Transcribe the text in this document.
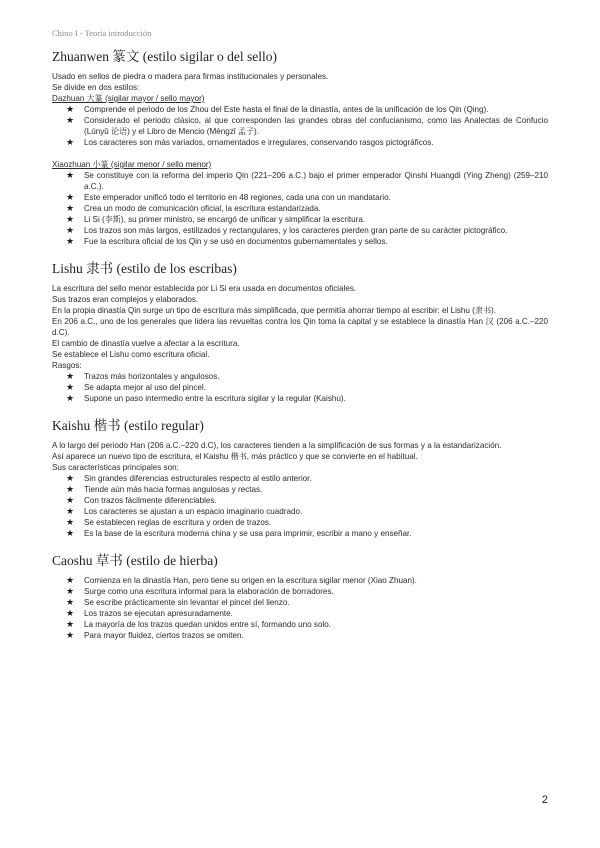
Chino I - Teoría introducción
Zhuanwen 篆文 (estilo sigilar o del sello)

Usado en sellos de piedra o madera para firmas institucionales y personales.

Se divide en dos estilos:

Dazhuan 大篆 (sigilar mayor / sello mayor)

★ Comprende el periodo de los Zhou del Este hasta el final de la dinastía, antes de la unificación de los Qin (Qing).
★ Considerado el periodo clásico, al que corresponden las grandes obras del confucianismo, como las Analectas de Confucio (Lúnyǔ 论语) y el Libro de Mencio (Mèngzǐ 孟子).
★ Los caracteres son más variados, ornamentados e irregulares, conservando rasgos pictográficos.

Xiaozhuan 小篆 (sigilar menor / sello menor)

★ Se constituye con la reforma del imperio Qin (221–206 a.C.) bajo el primer emperador Qinshi Huangdi (Ying Zheng) (259–210 a.C.).
★ Este emperador unificó todo el territorio en 48 regiones, cada una con un mandatario.
★ Crea un modo de comunicación oficial, la escritura estandarizada.
★ Li Si (李斯), su primer ministro, se encargó de unificar y simplificar la escritura.
★ Los trazos son más largos, estilizados y rectangulares, y los caracteres pierden gran parte de su carácter pictográfico.
★ Fue la escritura oficial de los Qin y se usó en documentos gubernamentales y sellos.
Lishu 隶书 (estilo de los escribas)

La escritura del sello menor establecida por Li Si era usada en documentos oficiales.

Sus trazos eran complejos y elaborados.

En la propia dinastía Qin surge un tipo de escritura más simplificada, que permitía ahorrar tiempo al escribir: el Lishu (隶书).

En 206 a.C., uno de los generales que lidera las revueltas contra los Qin toma la capital y se establece la dinastía Han 汉 (206 a.C.–220 d.C).

El cambio de dinastía vuelve a afectar a la escritura.

Se establece el Lishu como escritura oficial.

Rasgos:

★ Trazos más horizontales y angulosos.
★ Se adapta mejor al uso del pincel.
★ Supone un paso intermedio entre la escritura sigilar y la regular (Kaishu).
Kaishu 楷书 (estilo regular)

A lo largo del periodo Han (206 a.C.–220 d.C), los caracteres tienden a la simplificación de sus formas y a la estandarización.

Así aparece un nuevo tipo de escritura, el Kaishu 楷书, más práctico y que se convierte en el habitual.

Sus características principales son:

★ Sin grandes diferencias estructurales respecto al estilo anterior.
★ Tiende aún más hacia formas angulosas y rectas.
★ Con trazos fácilmente diferenciables.
★ Los caracteres se ajustan a un espacio imaginario cuadrado.
★ Se establecen reglas de escritura y orden de trazos.
★ Es la base de la escritura moderna china y se usa para imprimir, escribir a mano y enseñar.
Caoshu 草书 (estilo de hierba)
★ Comienza en la dinastía Han, pero tiene su origen en la escritura sigilar menor (Xiao Zhuan).
★ Surge como una escritura informal para la elaboración de borradores.
★ Se escribe prácticamente sin levantar el pincel del lienzo.
★ Los trazos se ejecutan apresuradamente.
★ La mayoría de los trazos quedan unidos entre sí, formando uno solo.
★ Para mayor fluidez, ciertos trazos se omiten.
2
